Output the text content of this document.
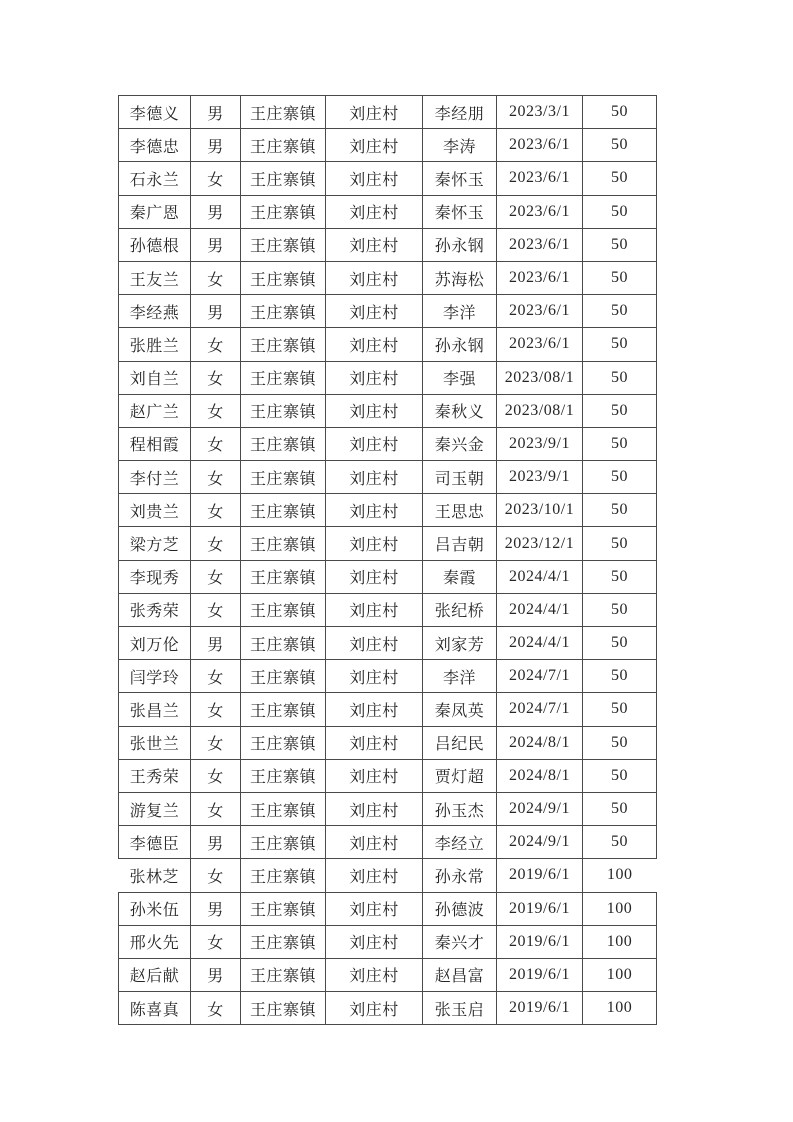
李德义	男	王庄寨镇	刘庄村	李经朋	2023/3/1	50
李德忠	男	王庄寨镇	刘庄村	李涛	2023/6/1	50
石永兰	女	王庄寨镇	刘庄村	秦怀玉	2023/6/1	50
秦广恩	男	王庄寨镇	刘庄村	秦怀玉	2023/6/1	50
孙德根	男	王庄寨镇	刘庄村	孙永钢	2023/6/1	50
王友兰	女	王庄寨镇	刘庄村	苏海松	2023/6/1	50
李经燕	男	王庄寨镇	刘庄村	李洋	2023/6/1	50
张胜兰	女	王庄寨镇	刘庄村	孙永钢	2023/6/1	50
刘自兰	女	王庄寨镇	刘庄村	李强	2023/08/1	50
赵广兰	女	王庄寨镇	刘庄村	秦秋义	2023/08/1	50
程相霞	女	王庄寨镇	刘庄村	秦兴金	2023/9/1	50
李付兰	女	王庄寨镇	刘庄村	司玉朝	2023/9/1	50
刘贵兰	女	王庄寨镇	刘庄村	王思忠	2023/10/1	50
梁方芝	女	王庄寨镇	刘庄村	吕吉朝	2023/12/1	50
李现秀	女	王庄寨镇	刘庄村	秦霞	2024/4/1	50
张秀荣	女	王庄寨镇	刘庄村	张纪桥	2024/4/1	50
刘万伦	男	王庄寨镇	刘庄村	刘家芳	2024/4/1	50
闫学玲	女	王庄寨镇	刘庄村	李洋	2024/7/1	50
张昌兰	女	王庄寨镇	刘庄村	秦凤英	2024/7/1	50
张世兰	女	王庄寨镇	刘庄村	吕纪民	2024/8/1	50
王秀荣	女	王庄寨镇	刘庄村	贾灯超	2024/8/1	50
游复兰	女	王庄寨镇	刘庄村	孙玉杰	2024/9/1	50
李德臣	男	王庄寨镇	刘庄村	李经立	2024/9/1	50
张林芝	女	王庄寨镇	刘庄村	孙永常	2019/6/1	100
孙米伍	男	王庄寨镇	刘庄村	孙德波	2019/6/1	100
邢火先	女	王庄寨镇	刘庄村	秦兴才	2019/6/1	100
赵后献	男	王庄寨镇	刘庄村	赵昌富	2019/6/1	100
陈喜真	女	王庄寨镇	刘庄村	张玉启	2019/6/1	100
